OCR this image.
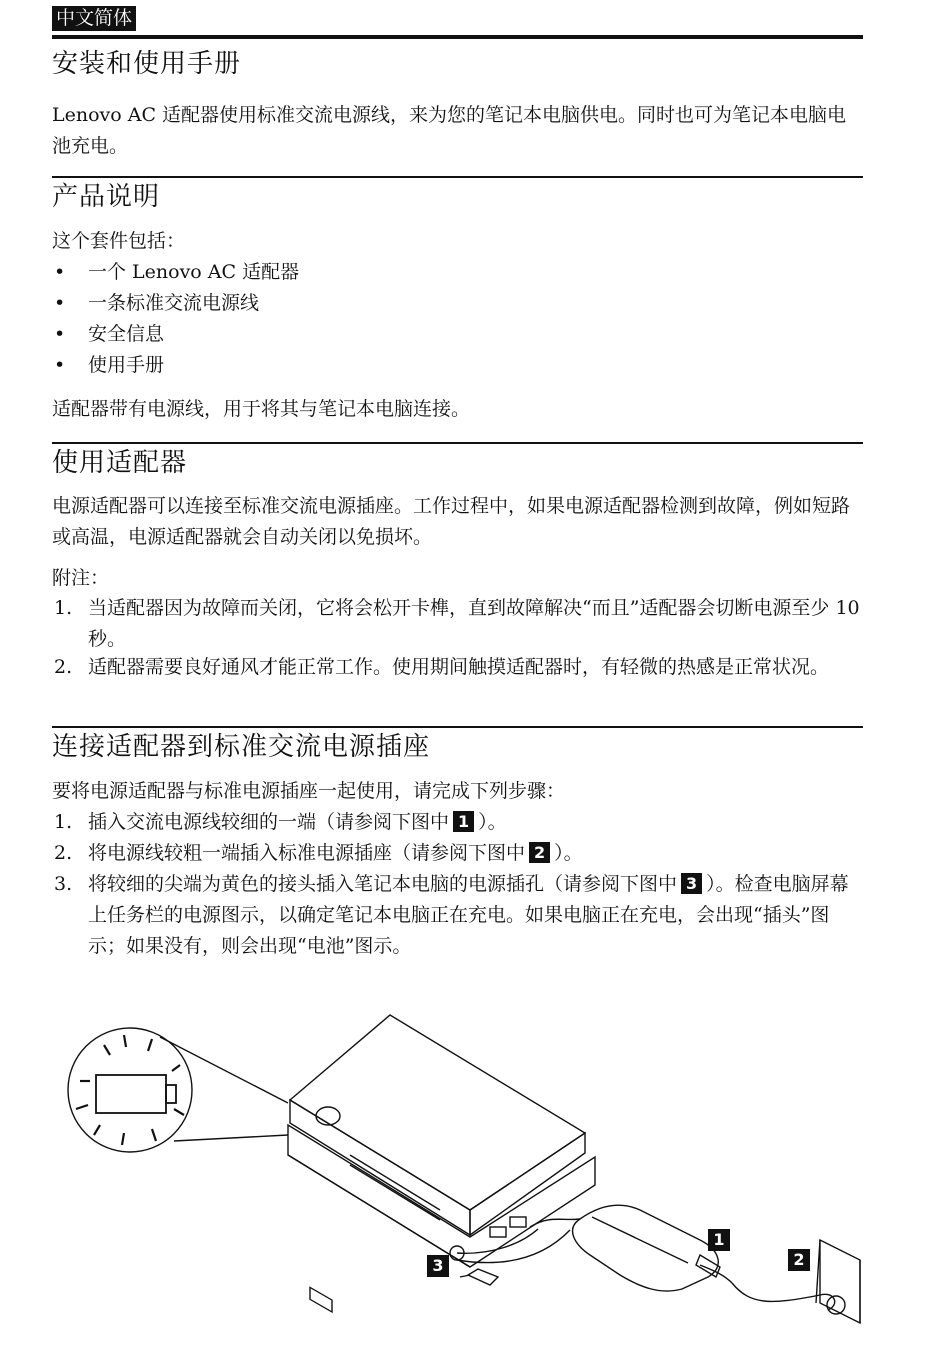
中文简体
安装和使用手册
Lenovo AC 适配器使用标准交流电源线，来为您的笔记本电脑供电。同时也可为笔记本电脑电池充电。
产品说明
这个套件包括：
• 一个 Lenovo AC 适配器
• 一条标准交流电源线
• 安全信息
• 使用手册
适配器带有电源线，用于将其与笔记本电脑连接。
使用适配器
电源适配器可以连接至标准交流电源插座。工作过程中，如果电源适配器检测到故障，例如短路或高温，电源适配器就会自动关闭以免损坏。
附注：
1. 当适配器因为故障而关闭，它将会松开卡榫，直到故障解决“而且”适配器会切断电源至少 10 秒。
2. 适配器需要良好通风才能正常工作。使用期间触摸适配器时，有轻微的热感是正常状况。
连接适配器到标准交流电源插座
要将电源适配器与标准电源插座一起使用，请完成下列步骤：
1. 插入交流电源线较细的一端（请参阅下图中 1 ）。
2. 将电源线较粗一端插入标准电源插座（请参阅下图中 2 ）。
3. 将较细的尖端为黄色的接头插入笔记本电脑的电源插孔（请参阅下图中 3 ）。检查电脑屏幕上任务栏的电源图示，以确定笔记本电脑正在充电。如果电脑正在充电，会出现“插头”图示；如果没有，则会出现“电池”图示。
1
2
3
